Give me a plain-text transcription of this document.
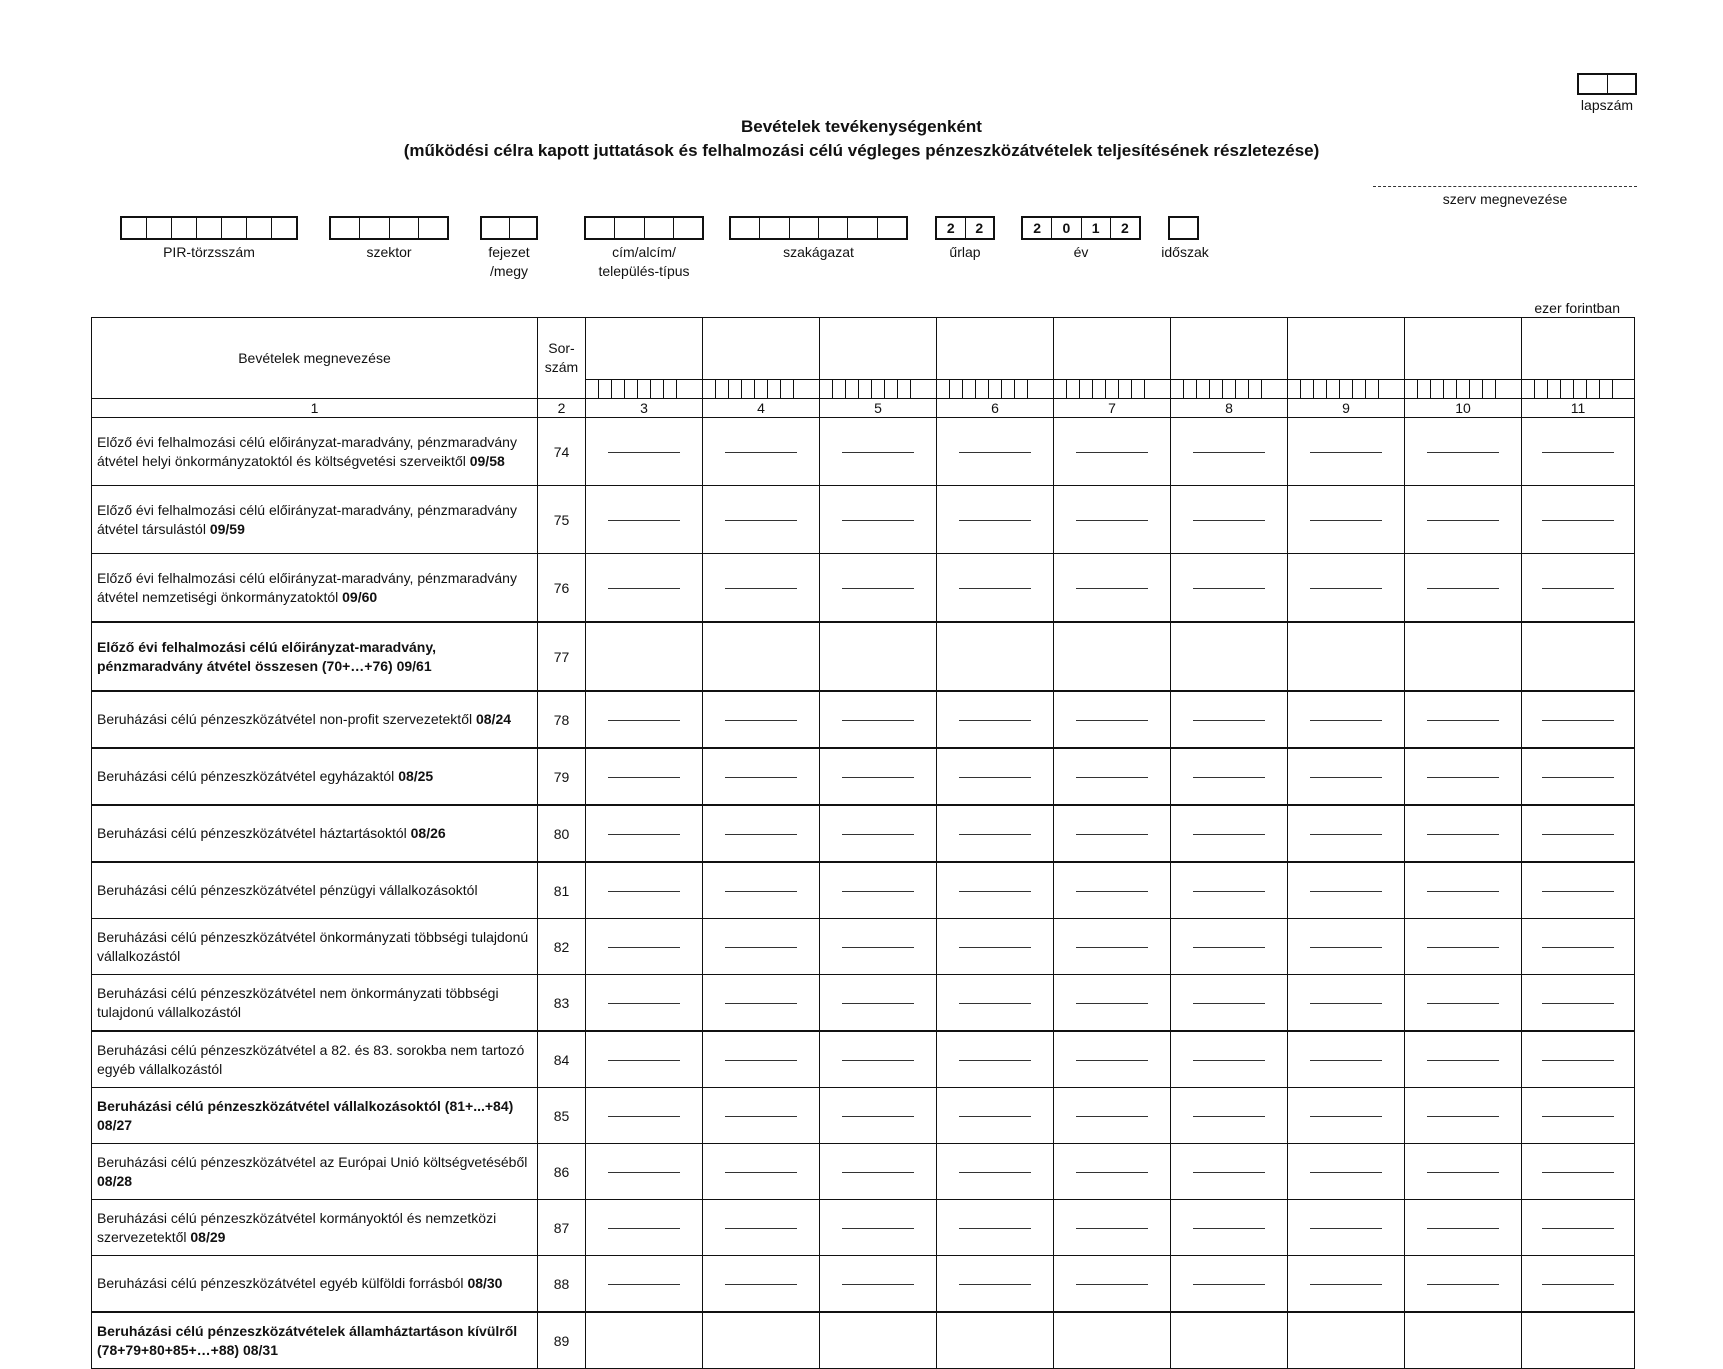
lapszám
Bevételek tevékenységenként
(működési célra kapott juttatások és felhalmozási célú végleges pénzeszközátvételek teljesítésének részletezése)
szerv megnevezése
PIR-törzsszám	szektor	fejezet
/megy
cím/alcím/
település-típus
szakágazat
2	2
űrlap
2	0	1	2
év	időszak
ezer forintban
Bevételek megnevezése	Sor-
szám									

1	2	3	4	5	6	7	8	9	10	11
Előző évi felhalmozási célú előirányzat-maradvány, pénzmaradvány átvétel helyi önkormányzatoktól és költségvetési szerveiktől 09/58	74									
Előző évi felhalmozási célú előirányzat-maradvány, pénzmaradvány átvétel társulástól 09/59	75									
Előző évi felhalmozási célú előirányzat-maradvány, pénzmaradvány átvétel nemzetiségi önkormányzatoktól 09/60	76									
Előző évi felhalmozási célú előirányzat-maradvány, pénzmaradvány átvétel összesen (70+…+76) 09/61	77									
Beruházási célú pénzeszközátvétel non-profit szervezetektől 08/24	78									
Beruházási célú pénzeszközátvétel egyházaktól 08/25	79									
Beruházási célú pénzeszközátvétel háztartásoktól 08/26	80									
Beruházási célú pénzeszközátvétel pénzügyi vállalkozásoktól	81									
Beruházási célú pénzeszközátvétel önkormányzati többségi tulajdonú vállalkozástól	82									
Beruházási célú pénzeszközátvétel nem önkormányzati többségi tulajdonú vállalkozástól	83									
Beruházási célú pénzeszközátvétel a 82. és 83. sorokba nem tartozó egyéb vállalkozástól	84									
Beruházási célú pénzeszközátvétel vállalkozásoktól (81+...+84) 08/27	85									
Beruházási célú pénzeszközátvétel az Európai Unió költségvetéséből 08/28	86									
Beruházási célú pénzeszközátvétel kormányoktól és nemzetközi szervezetektől 08/29	87									
Beruházási célú pénzeszközátvétel egyéb külföldi forrásból 08/30	88									
Beruházási célú pénzeszközátvételek államháztartáson kívülről (78+79+80+85+…+88) 08/31	89									
